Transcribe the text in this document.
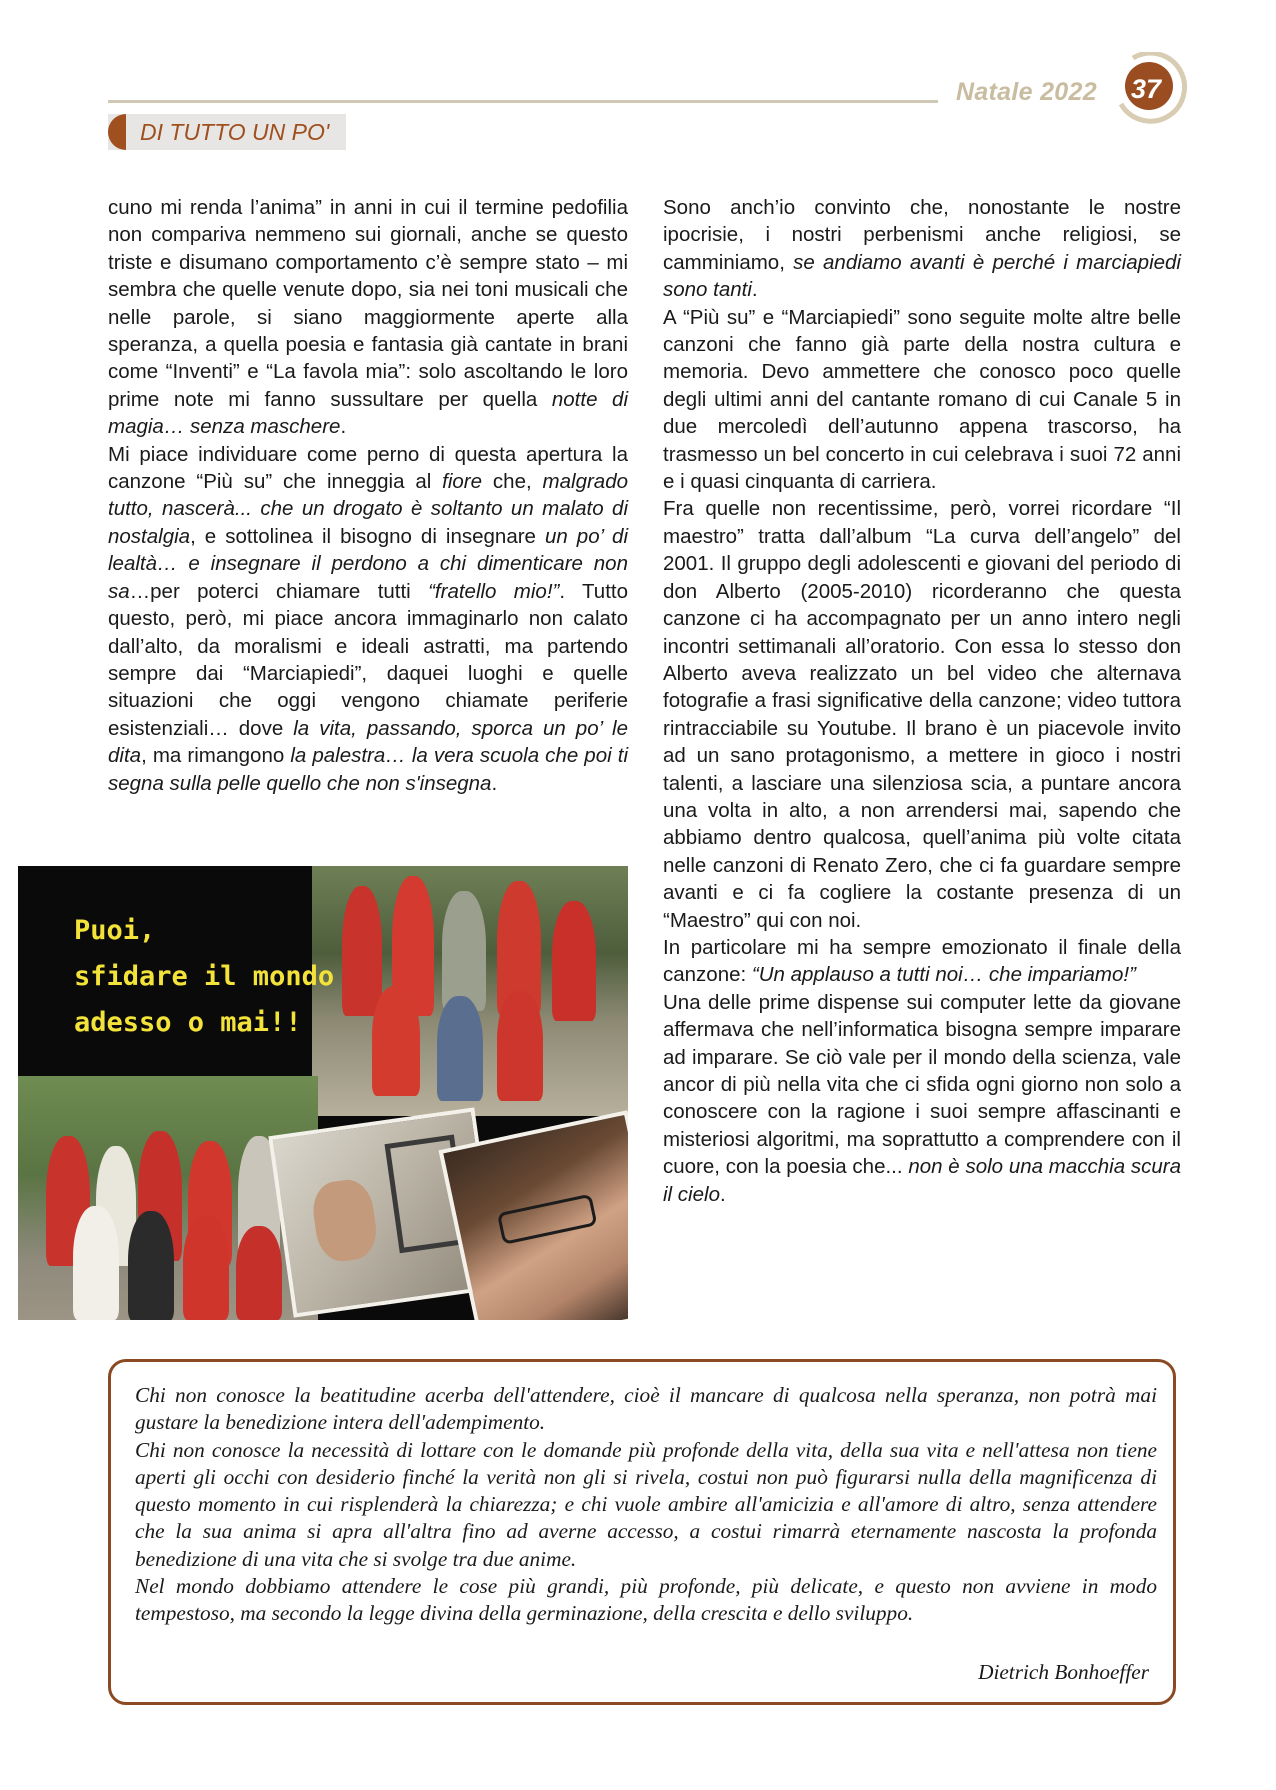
Natale 2022	37
DI TUTTO UN PO'

cuno mi renda l’anima” in anni in cui il termine pedofilia non compariva nemmeno sui giornali, anche se questo triste e disumano comportamento c’è sempre stato – mi sembra che quelle venute dopo, sia nei toni musicali che nelle parole, si siano maggiormente aperte alla speranza, a quella poesia e fantasia già cantate in brani come “Inventi” e “La favola mia”: solo ascoltando le loro prime note mi fanno sussultare per quella notte di magia… senza maschere.

Mi piace individuare come perno di questa apertura la canzone “Più su” che inneggia al fiore che, malgrado tutto, nascerà... che un drogato è soltanto un malato di nostalgia, e sottolinea il bisogno di insegnare un po’ di lealtà… e insegnare il perdono a chi dimenticare non sa…per poterci chiamare tutti “fratello mio!”. Tutto questo, però, mi piace ancora immaginarlo non calato dall’alto, da moralismi e ideali astratti, ma partendo sempre dai “Marciapiedi”, daquei luoghi e quelle situazioni che oggi vengono chiamate periferie esistenziali… dove la vita, passando, sporca un po’ le dita, ma rimangono la palestra… la vera scuola che poi ti segna sulla pelle quello che non s'insegna.

Puoi,
sfidare il mondo
adesso o mai!!

Sono anch’io convinto che, nonostante le nostre ipocrisie, i nostri perbenismi anche religiosi, se camminiamo, se andiamo avanti è perché i marciapiedi sono tanti.

A “Più su” e “Marciapiedi” sono seguite molte altre belle canzoni che fanno già parte della nostra cultura e memoria. Devo ammettere che conosco poco quelle degli ultimi anni del cantante romano di cui Canale 5 in due mercoledì dell’autunno appena trascorso, ha trasmesso un bel concerto in cui celebrava i suoi 72 anni e i quasi cinquanta di carriera.

Fra quelle non recentissime, però, vorrei ricordare “Il maestro” tratta dall’album “La curva dell’angelo” del 2001. Il gruppo degli adolescenti e giovani del periodo di don Alberto (2005-2010) ricorderanno che questa canzone ci ha accompagnato per un anno intero negli incontri settimanali all’oratorio. Con essa lo stesso don Alberto aveva realizzato un bel video che alternava fotografie a frasi significative della canzone; video tuttora rintracciabile su Youtube. Il brano è un piacevole invito ad un sano protagonismo, a mettere in gioco i nostri talenti, a lasciare una silenziosa scia, a puntare ancora una volta in alto, a non arrendersi mai, sapendo che abbiamo dentro qualcosa, quell’anima più volte citata nelle canzoni di Renato Zero, che ci fa guardare sempre avanti e ci fa cogliere la costante presenza di un “Maestro” qui con noi.

In particolare mi ha sempre emozionato il finale della canzone: “Un applauso a tutti noi… che impariamo!”

Una delle prime dispense sui computer lette da giovane affermava che nell’informatica bisogna sempre imparare ad imparare. Se ciò vale per il mondo della scienza, vale ancor di più nella vita che ci sfida ogni giorno non solo a conoscere con la ragione i suoi sempre affascinanti e misteriosi algoritmi, ma soprattutto a comprendere con il cuore, con la poesia che... non è solo una macchia scura il cielo.

Chi non conosce la beatitudine acerba dell'attendere, cioè il mancare di qualcosa nella speranza, non potrà mai gustare la benedizione intera dell'adempimento.

Chi non conosce la necessità di lottare con le domande più profonde della vita, della sua vita e nell'attesa non tiene aperti gli occhi con desiderio finché la verità non gli si rivela, costui non può figurarsi nulla della magnificenza di questo momento in cui risplenderà la chiarezza; e chi vuole ambire all'amicizia e all'amore di altro, senza attendere che la sua anima si apra all'altra fino ad averne accesso, a costui rimarrà eternamente nascosta la profonda benedizione di una vita che si svolge tra due anime.

Nel mondo dobbiamo attendere le cose più grandi, più profonde, più delicate, e questo non avviene in modo tempestoso, ma secondo la legge divina della germinazione, della crescita e dello sviluppo.

Dietrich Bonhoeffer
